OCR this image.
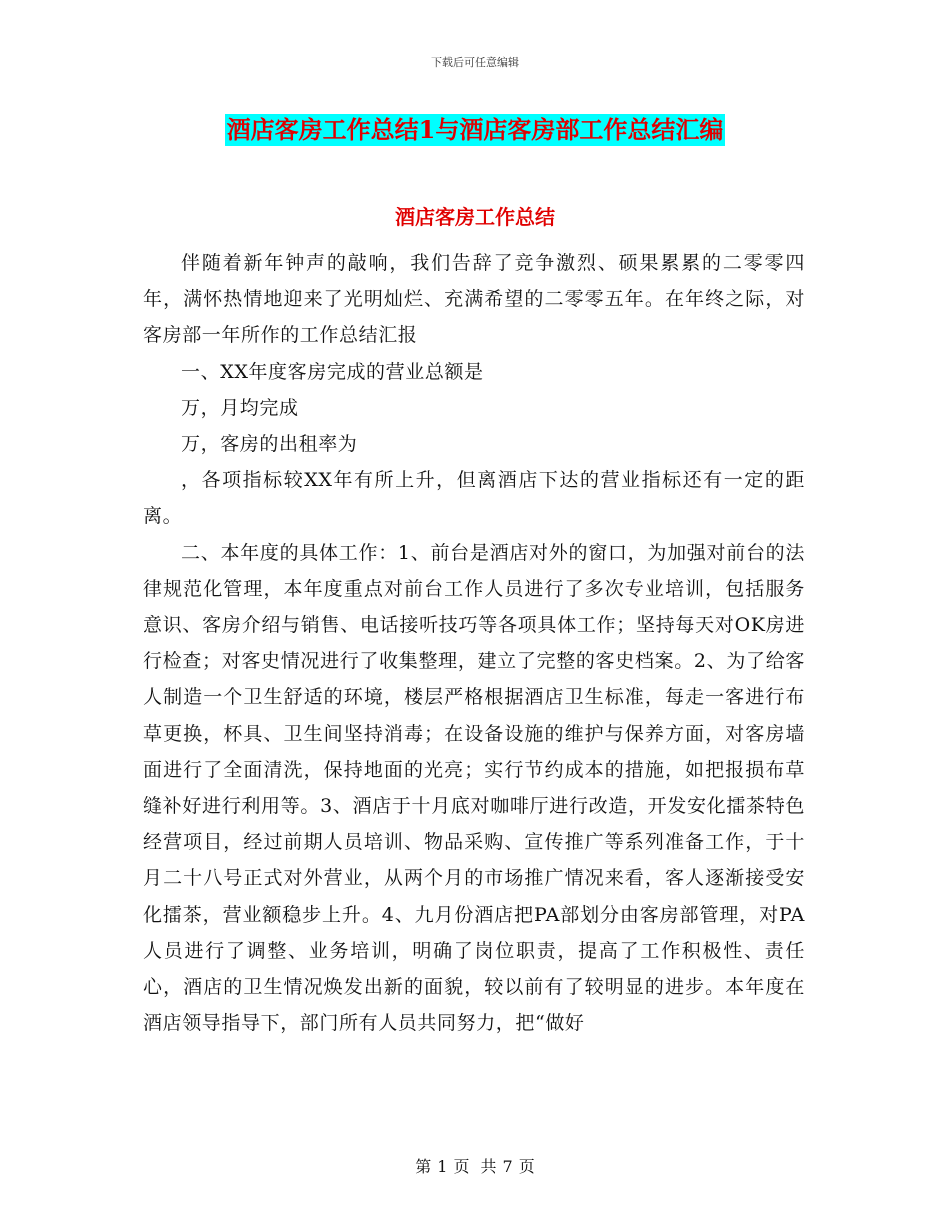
下载后可任意编辑
酒店客房工作总结1与酒店客房部工作总结汇编
酒店客房工作总结

伴随着新年钟声的敲响，我们告辞了竞争激烈、硕果累累的二零零四年，满怀热情地迎来了光明灿烂、充满希望的二零零五年。在年终之际，对客房部一年所作的工作总结汇报

一、XX年度客房完成的营业总额是

万，月均完成

万，客房的出租率为

，各项指标较XX年有所上升，但离酒店下达的营业指标还有一定的距离。

二、本年度的具体工作：1、前台是酒店对外的窗口，为加强对前台的法律规范化管理，本年度重点对前台工作人员进行了多次专业培训，包括服务意识、客房介绍与销售、电话接听技巧等各项具体工作；坚持每天对OK房进行检查；对客史情况进行了收集整理，建立了完整的客史档案。2、为了给客人制造一个卫生舒适的环境，楼层严格根据酒店卫生标准，每走一客进行布草更换，杯具、卫生间坚持消毒；在设备设施的维护与保养方面，对客房墙面进行了全面清洗，保持地面的光亮；实行节约成本的措施，如把报损布草缝补好进行利用等。3、酒店于十月底对咖啡厅进行改造，开发安化擂茶特色经营项目，经过前期人员培训、物品采购、宣传推广等系列准备工作，于十月二十八号正式对外营业，从两个月的市场推广情况来看，客人逐渐接受安化擂茶，营业额稳步上升。4、九月份酒店把PA部划分由客房部管理，对PA人员进行了调整、业务培训，明确了岗位职责，提高了工作积极性、责任心，酒店的卫生情况焕发出新的面貌，较以前有了较明显的进步。本年度在酒店领导指导下，部门所有人员共同努力，把“做好

第 1 页 共 7 页
